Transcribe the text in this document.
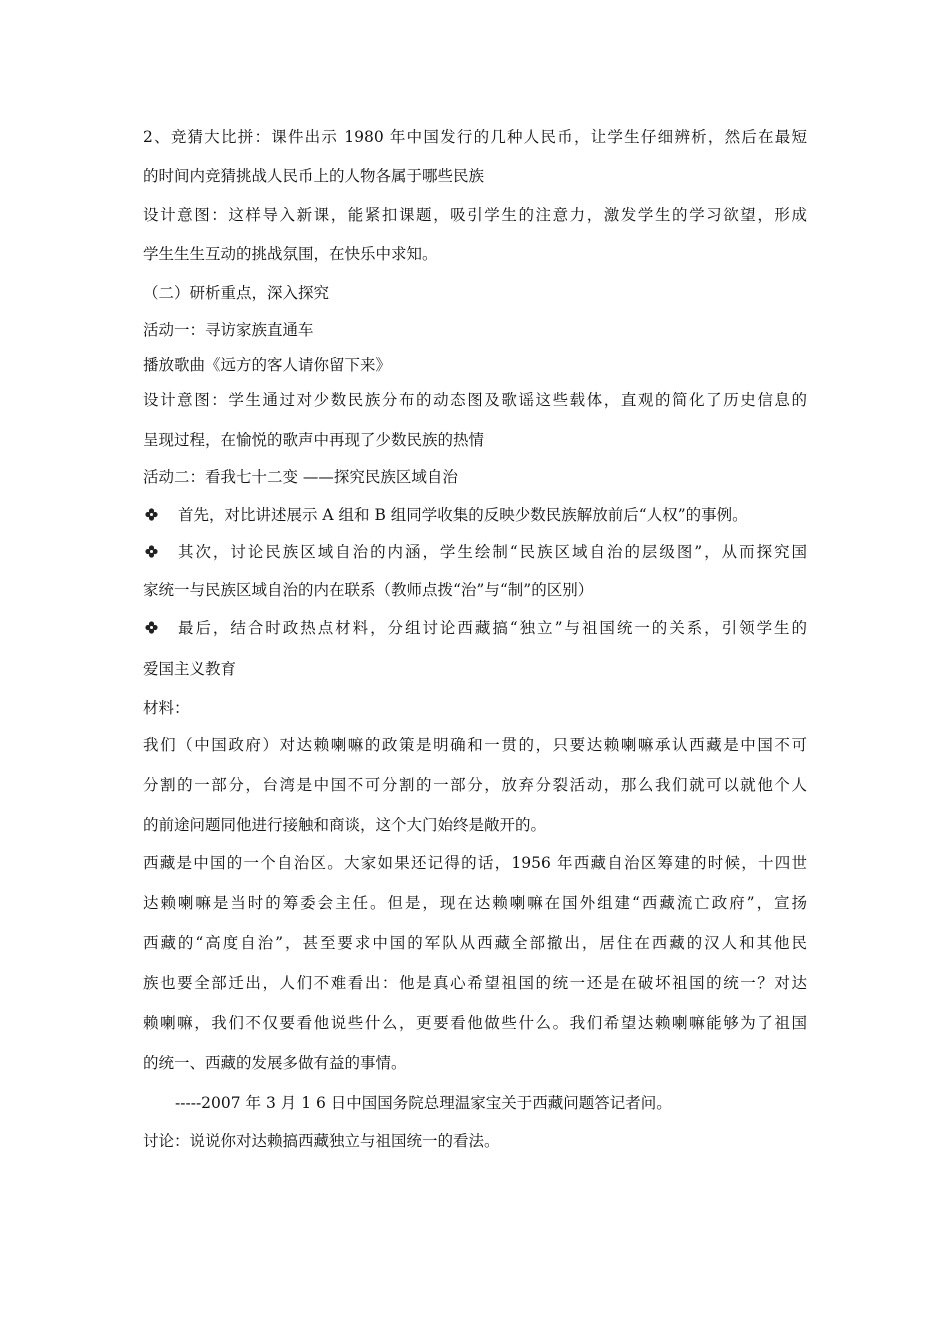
2、竞猜大比拼：课件出示 1980 年中国发行的几种人民币，让学生仔细辨析，然后在最短
的时间内竞猜挑战人民币上的人物各属于哪些民族
设计意图：这样导入新课，能紧扣课题，吸引学生的注意力，激发学生的学习欲望，形成
学生生生互动的挑战氛围，在快乐中求知。
（二）研析重点，深入探究
活动一：寻访家族直通车
播放歌曲《远方的客人请你留下来》
设计意图：学生通过对少数民族分布的动态图及歌谣这些载体，直观的简化了历史信息的
呈现过程，在愉悦的歌声中再现了少数民族的热情
活动二：看我七十二变 ——探究民族区域自治
首先，对比讲述展示 A 组和 B 组同学收集的反映少数民族解放前后“人权”的事例。
其次，讨论民族区域自治的内涵，学生绘制“民族区域自治的层级图”，从而探究国
家统一与民族区域自治的内在联系（教师点拨“治”与“制”的区别）
最后，结合时政热点材料，分组讨论西藏搞“独立”与祖国统一的关系，引领学生的
爱国主义教育
材料：
我们（中国政府）对达赖喇嘛的政策是明确和一贯的，只要达赖喇嘛承认西藏是中国不可
分割的一部分，台湾是中国不可分割的一部分，放弃分裂活动，那么我们就可以就他个人
的前途问题同他进行接触和商谈，这个大门始终是敞开的。
西藏是中国的一个自治区。大家如果还记得的话，1956 年西藏自治区筹建的时候，十四世
达赖喇嘛是当时的筹委会主任。但是，现在达赖喇嘛在国外组建“西藏流亡政府”，宣扬
西藏的“高度自治”，甚至要求中国的军队从西藏全部撤出，居住在西藏的汉人和其他民
族也要全部迁出，人们不难看出：他是真心希望祖国的统一还是在破坏祖国的统一？对达
赖喇嘛，我们不仅要看他说些什么，更要看他做些什么。我们希望达赖喇嘛能够为了祖国
的统一、西藏的发展多做有益的事情。
-----2007 年 3 月 1 6 日中国国务院总理温家宝关于西藏问题答记者问。
讨论：说说你对达赖搞西藏独立与祖国统一的看法。
